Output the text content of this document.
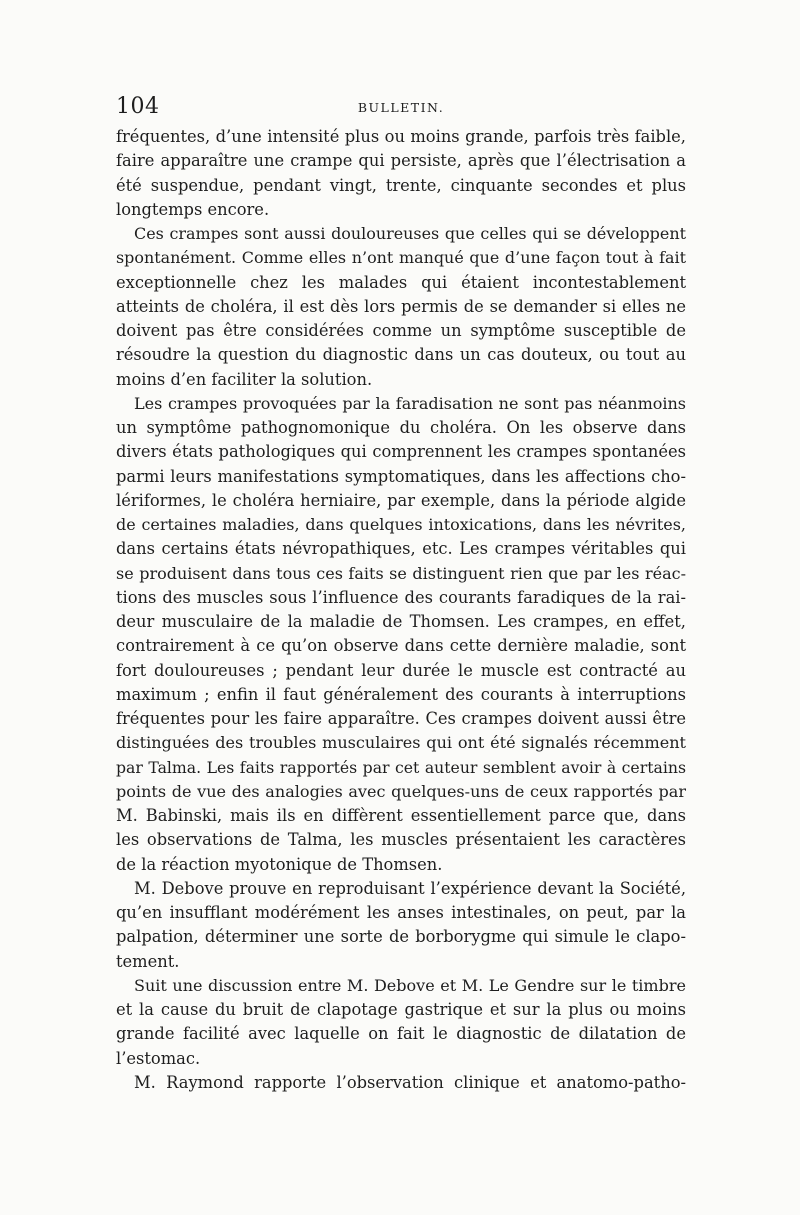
104	BULLETIN.
fréquentes, d’une intensité plus ou moins grande, parfois très faible,
faire apparaître une crampe qui persiste, après que l’électrisation a
été suspendue, pendant vingt, trente, cinquante secondes et plus
longtemps encore.
Ces crampes sont aussi douloureuses que celles qui se développent
spontanément. Comme elles n’ont manqué que d’une façon tout à fait
exceptionnelle chez les malades qui étaient incontestablement
atteints de choléra, il est dès lors permis de se demander si elles ne
doivent pas être considérées comme un symptôme susceptible de
résoudre la question du diagnostic dans un cas douteux, ou tout au
moins d’en faciliter la solution.
Les crampes provoquées par la faradisation ne sont pas néanmoins
un symptôme pathognomonique du choléra. On les observe dans
divers états pathologiques qui comprennent les crampes spontanées
parmi leurs manifestations symptomatiques, dans les affections cho-
lériformes, le choléra herniaire, par exemple, dans la période algide
de certaines maladies, dans quelques intoxications, dans les névrites,
dans certains états névropathiques, etc. Les crampes véritables qui
se produisent dans tous ces faits se distinguent rien que par les réac-
tions des muscles sous l’influence des courants faradiques de la rai-
deur musculaire de la maladie de Thomsen. Les crampes, en effet,
contrairement à ce qu’on observe dans cette dernière maladie, sont
fort douloureuses ; pendant leur durée le muscle est contracté au
maximum ; enfin il faut généralement des courants à interruptions
fréquentes pour les faire apparaître. Ces crampes doivent aussi être
distinguées des troubles musculaires qui ont été signalés récemment
par Talma. Les faits rapportés par cet auteur semblent avoir à certains
points de vue des analogies avec quelques-uns de ceux rapportés par
M. Babinski, mais ils en diffèrent essentiellement parce que, dans
les observations de Talma, les muscles présentaient les caractères
de la réaction myotonique de Thomsen.
M. Debove prouve en reproduisant l’expérience devant la Société,
qu’en insufflant modérément les anses intestinales, on peut, par la
palpation, déterminer une sorte de borborygme qui simule le clapo-
tement.
Suit une discussion entre M. Debove et M. Le Gendre sur le timbre
et la cause du bruit de clapotage gastrique et sur la plus ou moins
grande facilité avec laquelle on fait le diagnostic de dilatation de
l’estomac.
M. Raymond rapporte l’observation clinique et anatomo-patho-
